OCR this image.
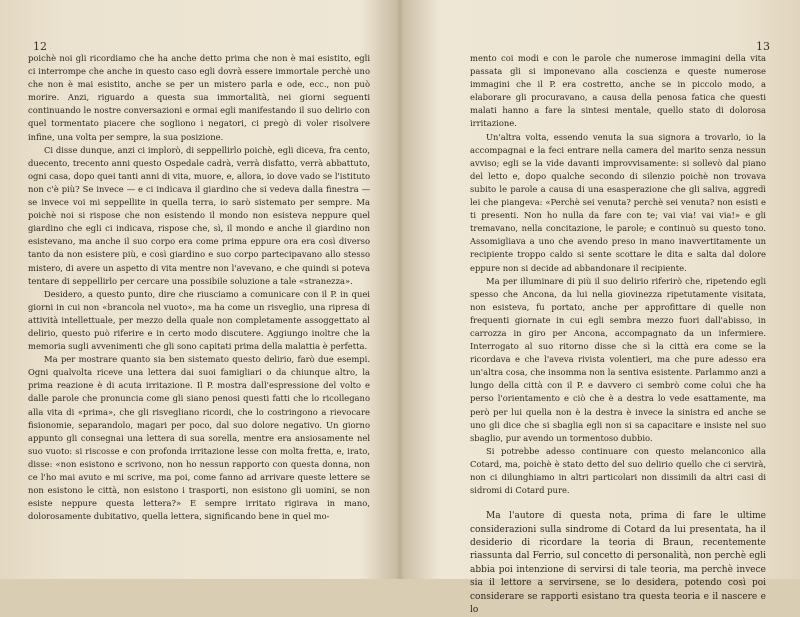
12

poichè noi gli ricordiamo che ha anche detto prima che non è mai esistito, egli ci interrompe che anche in questo caso egli dovrà essere immortale perchè uno che non è mai esistito, anche se per un mistero parla e ode, ecc., non può morire. Anzi, riguardo a questa sua immortalità, nei giorni seguenti continuando le nostre conversazioni e ormai egli manifestando il suo delirio con quel tormentato piacere che sogliono i negatori, ci pregò di voler risolvere infine, una volta per sempre, la sua posizione.

Ci disse dunque, anzi ci implorò, di seppellirlo poichè, egli diceva, fra cento, duecento, trecento anni questo Ospedale cadrà, verrà disfatto, verrà abbattuto, ogni casa, dopo quei tanti anni di vita, muore, e, allora, io dove vado se l'istituto non c'è più? Se invece — e ci indicava il giardino che si vedeva dalla finestra — se invece voi mi seppellite in quella terra, io sarò sistemato per sempre. Ma poichè noi si rispose che non esistendo il mondo non esisteva neppure quel giardino che egli ci indicava, rispose che, sì, il mondo e anche il giardino non esistevano, ma anche il suo corpo era come prima eppure ora era così diverso tanto da non esistere più, e così giardino e suo corpo partecipavano allo stesso mistero, di avere un aspetto di vita mentre non l'avevano, e che quindi si poteva tentare di seppellirlo per cercare una possibile soluzione a tale «stranezza».

Desidero, a questo punto, dire che riusciamo a comunicare con il P. in quei giorni in cui non «brancola nel vuoto», ma ha come un risveglio, una ripresa di attività intellettuale, per mezzo della quale non completamente assoggettato al delirio, questo può riferire e in certo modo discutere. Aggiungo inoltre che la memoria sugli avvenimenti che gli sono capitati prima della malattia è perfetta.

Ma per mostrare quanto sia ben sistemato questo delirio, farò due esempi. Ogni qualvolta riceve una lettera dai suoi famigliari o da chiunque altro, la prima reazione è di acuta irritazione. Il P. mostra dall'espressione del volto e dalle parole che pronuncia come gli siano penosi questi fatti che lo ricollegano alla vita di «prima», che gli risvegliano ricordi, che lo costringono a rievocare fisionomie, separandolo, magari per poco, dal suo dolore negativo. Un giorno appunto gli consegnai una lettera di sua sorella, mentre era ansiosamente nel suo vuoto: si riscosse e con profonda irritazione lesse con molta fretta, e, irato, disse: «non esistono e scrivono, non ho nessun rapporto con questa donna, non ce l'ho mai avuto e mi scrive, ma poi, come fanno ad arrivare queste lettere se non esistono le città, non esistono i trasporti, non esistono gli uomini, se non esiste neppure questa lettera?» E sempre irritato rigirava in mano, dolorosamente dubitativo, quella lettera, significando bene in quel mo-

13

mento coi modi e con le parole che numerose immagini della vita passata gli si imponevano alla coscienza e queste numerose immagini che il P. era costretto, anche se in piccolo modo, a elaborare gli procuravano, a causa della penosa fatica che questi malati hanno a fare la sintesi mentale, quello stato di dolorosa irritazione.

Un'altra volta, essendo venuta la sua signora a trovarlo, io la accompagnai e la feci entrare nella camera del marito senza nessun avviso; egli se la vide davanti improvvisamente: si sollevò dal piano del letto e, dopo qualche secondo di silenzio poichè non trovava subito le parole a causa di una esasperazione che gli saliva, aggredì lei che piangeva: «Perchè sei venuta? perchè sei venuta? non esisti e ti presenti. Non ho nulla da fare con te; vai via! vai via!» e gli tremavano, nella concitazione, le parole; e continuò su questo tono. Assomigliava a uno che avendo preso in mano inavvertitamente un recipiente troppo caldo si sente scottare le dita e salta dal dolore eppure non si decide ad abbandonare il recipiente.

Ma per illuminare di più il suo delirio riferirò che, ripetendo egli spesso che Ancona, da lui nella giovinezza ripetutamente visitata, non esisteva, fu portato, anche per approfittare di quelle non frequenti giornate in cui egli sembra mezzo fuori dall'abisso, in carrozza in giro per Ancona, accompagnato da un infermiere. Interrogato al suo ritorno disse che sì la città era come se la ricordava e che l'aveva rivista volentieri, ma che pure adesso era un'altra cosa, che insomma non la sentiva esistente. Parlammo anzi a lungo della città con il P. e davvero ci sembrò come colui che ha perso l'orientamento e ciò che è a destra lo vede esattamente, ma però per lui quella non è la destra è invece la sinistra ed anche se uno gli dice che si sbaglia egli non si sa capacitare e insiste nel suo sbaglio, pur avendo un tormentoso dubbio.

Si potrebbe adesso continuare con questo melanconico alla Cotard, ma, poichè è stato detto del suo delirio quello che ci servirà, non ci dilunghiamo in altri particolari non dissimili da altri casi di sidromi di Cotard pure.

Ma l'autore di questa nota, prima di fare le ultime considerazioni sulla sindrome di Cotard da lui presentata, ha il desiderio di ricordare la teoria di Braun, recentemente riassunta dal Ferrio, sul concetto di personalità, non perchè egli abbia poi intenzione di servirsi di tale teoria, ma perchè invece sia il lettore a servirsene, se lo desidera, potendo così poi considerare se rapporti esistano tra questa teoria e il nascere e lo
